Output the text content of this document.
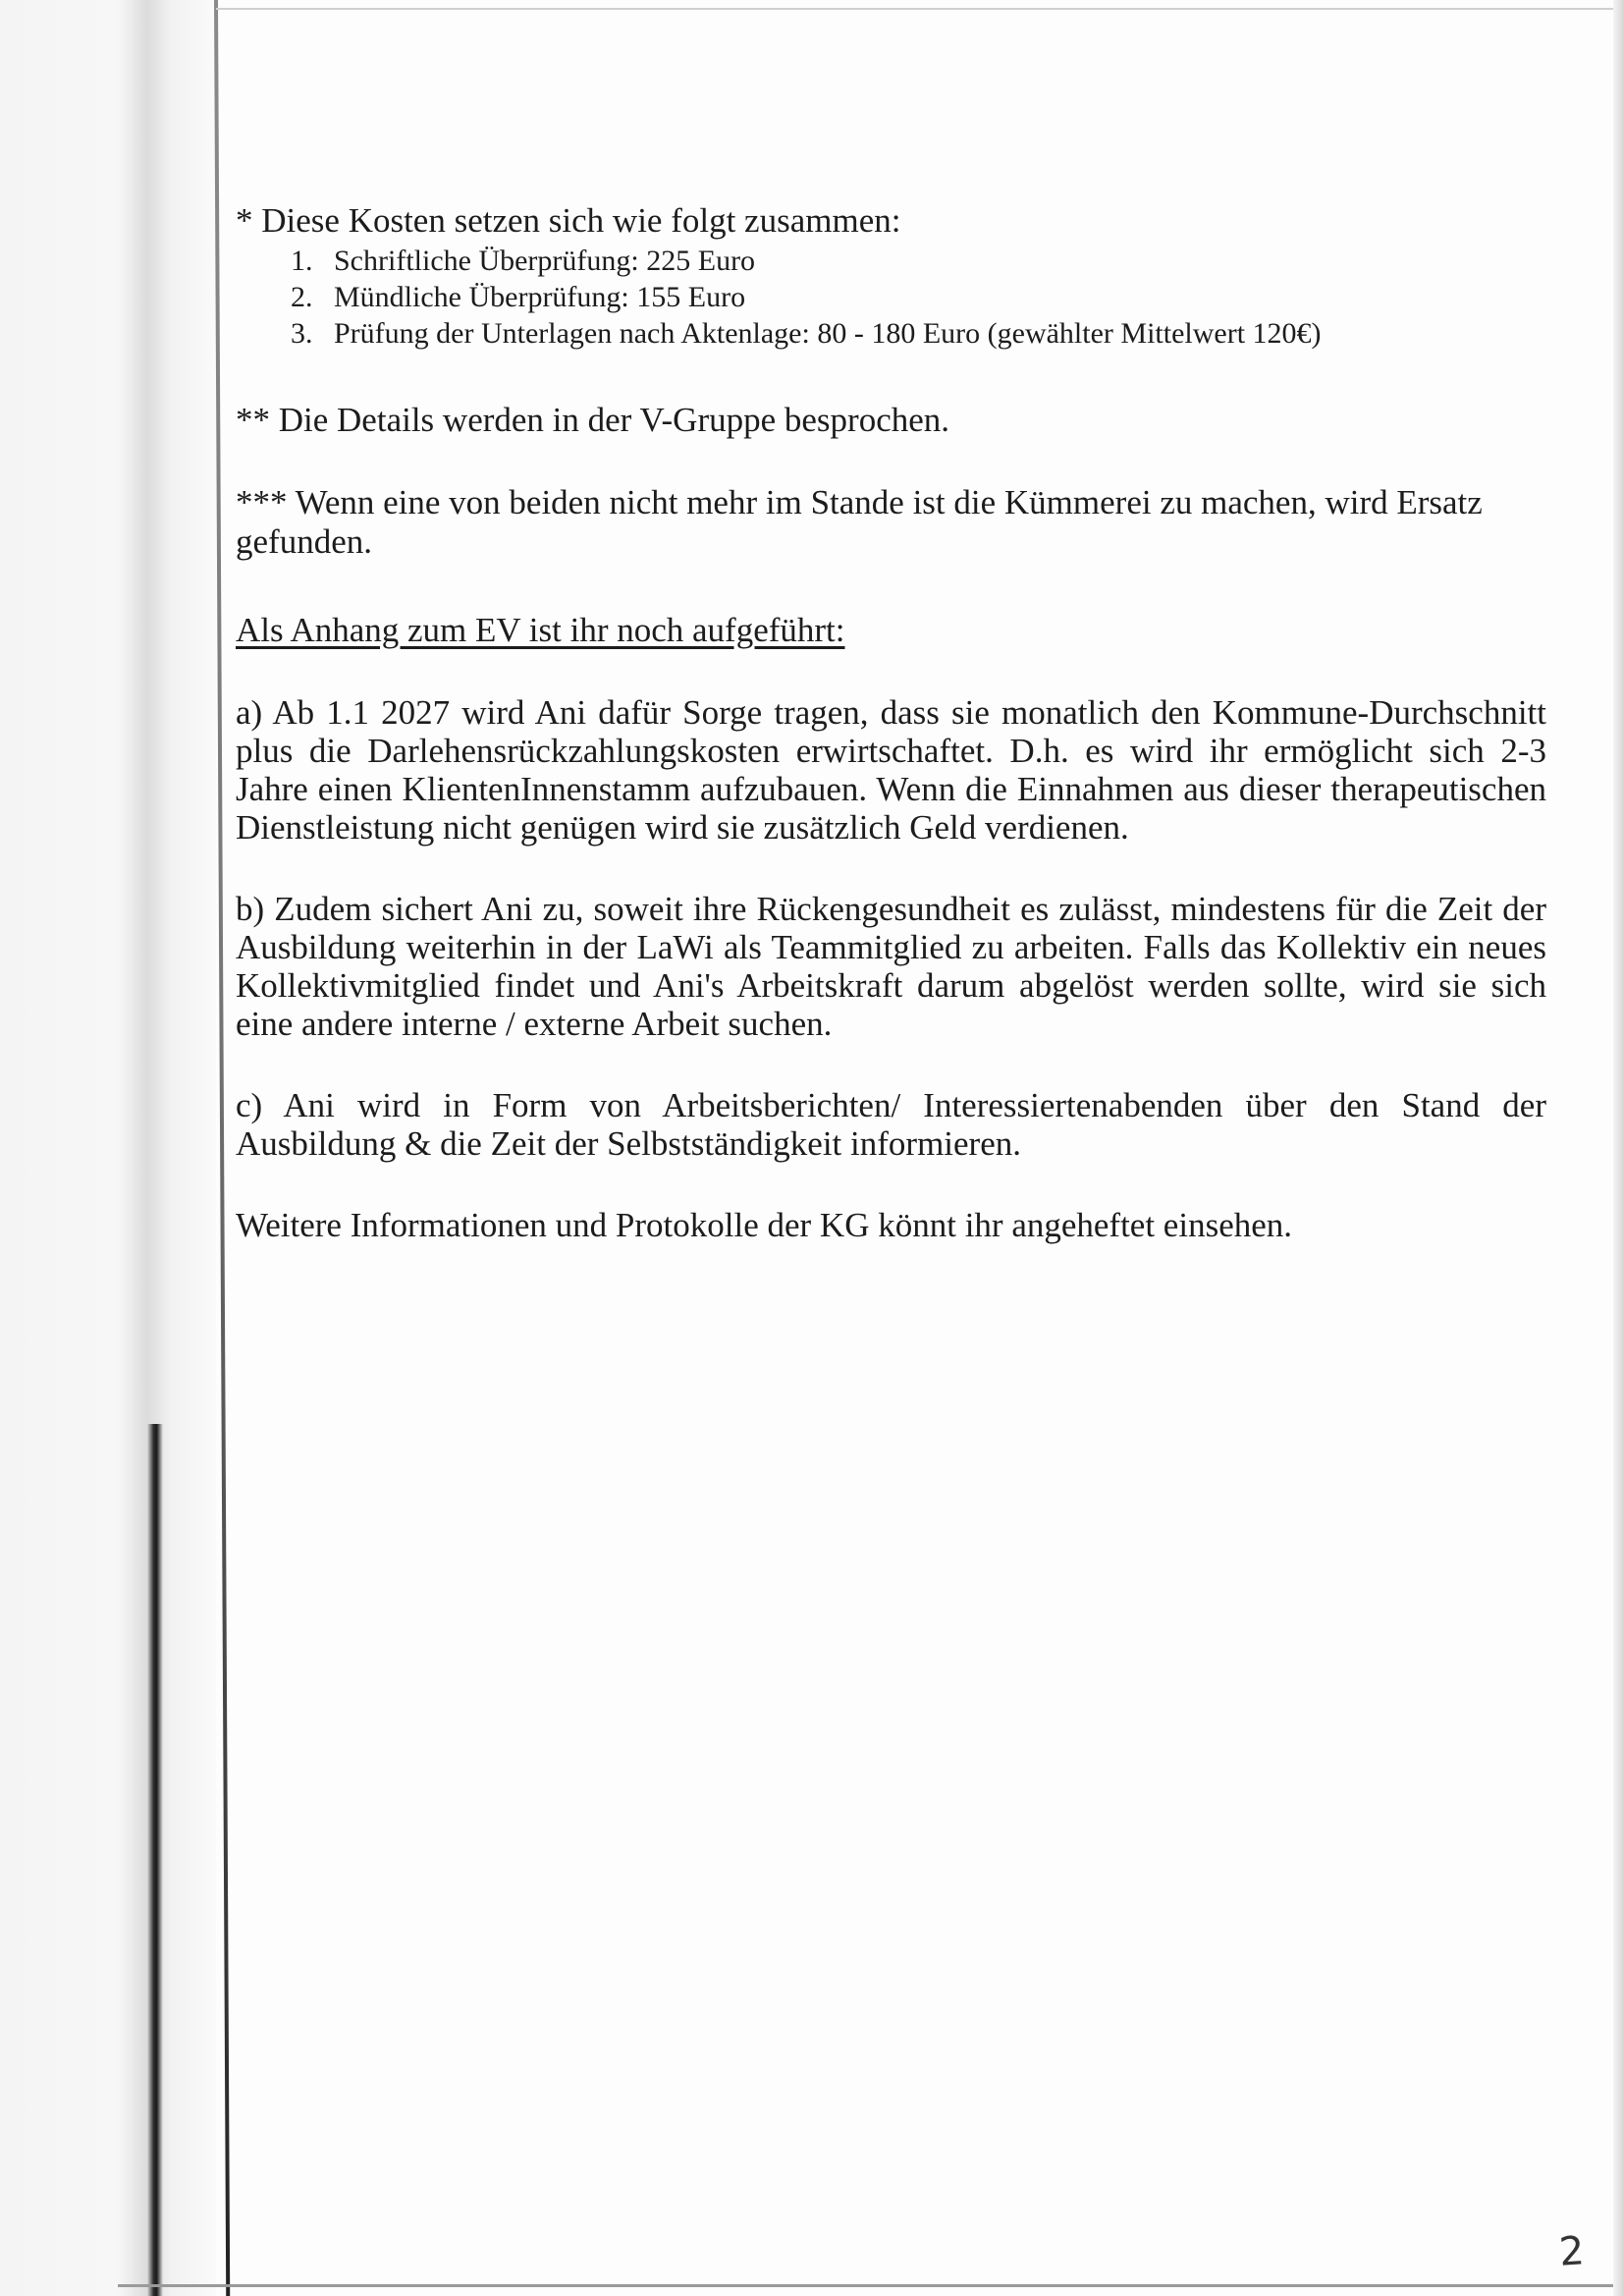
* Diese Kosten setzen sich wie folgt zusammen:

1. Schriftliche Überprüfung: 225 Euro
2. Mündliche Überprüfung: 155 Euro
3. Prüfung der Unterlagen nach Aktenlage: 80 - 180 Euro (gewählter Mittelwert 120€)

** Die Details werden in der V-Gruppe besprochen.

*** Wenn eine von beiden nicht mehr im Stande ist die Kümmerei zu machen, wird Ersatz gefunden.

Als Anhang zum EV ist ihr noch aufgeführt:

a) Ab 1.1 2027 wird Ani dafür Sorge tragen, dass sie monatlich den Kommune-Durchschnitt plus die Darlehensrückzahlungskosten erwirtschaftet. D.h. es wird ihr ermöglicht sich 2-3 Jahre einen KlientenInnenstamm aufzubauen. Wenn die Einnahmen aus dieser therapeutischen Dienstleistung nicht genügen wird sie zusätzlich Geld verdienen.

b) Zudem sichert Ani zu, soweit ihre Rückengesundheit es zulässt, mindestens für die Zeit der Ausbildung weiterhin in der LaWi als Teammitglied zu arbeiten. Falls das Kollektiv ein neues Kollektivmitglied findet und Ani's Arbeitskraft darum abgelöst werden sollte, wird sie sich eine andere interne / externe Arbeit suchen.

c) Ani wird in Form von Arbeitsberichten/ Interessiertenabenden über den Stand der Ausbildung & die Zeit der Selbstständigkeit informieren.

Weitere Informationen und Protokolle der KG könnt ihr angeheftet einsehen.

2
